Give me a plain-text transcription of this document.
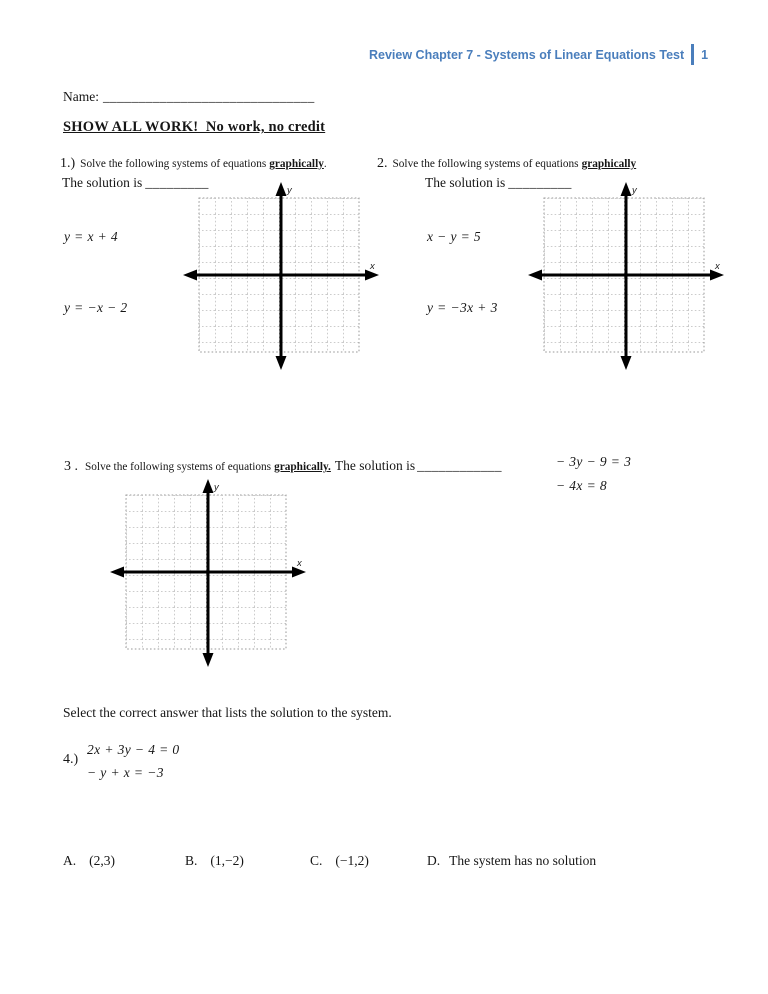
Review Chapter 7 - Systems of Linear Equations Test 1
Name: ______________________________
SHOW ALL WORK!  No work, no credit
1.) Solve the following systems of equations graphically .
The solution is _________
2. Solve the following systems of equations graphically
The solution is _________
y = x + 4
y = −x − 2
x − y = 5
y = −3x + 3
y
x
y
x
3 . Solve the following systems of equations graphically. The solution is ____________	− 3y − 9 = 3
− 4x = 8
y
x
Select the correct answer that lists the solution to the system.
4.)
2x + 3y − 4 = 0
− y + x = −3
A. (2,3)	B. (1,−2)	C. (−1,2)	D. The system has no solution
